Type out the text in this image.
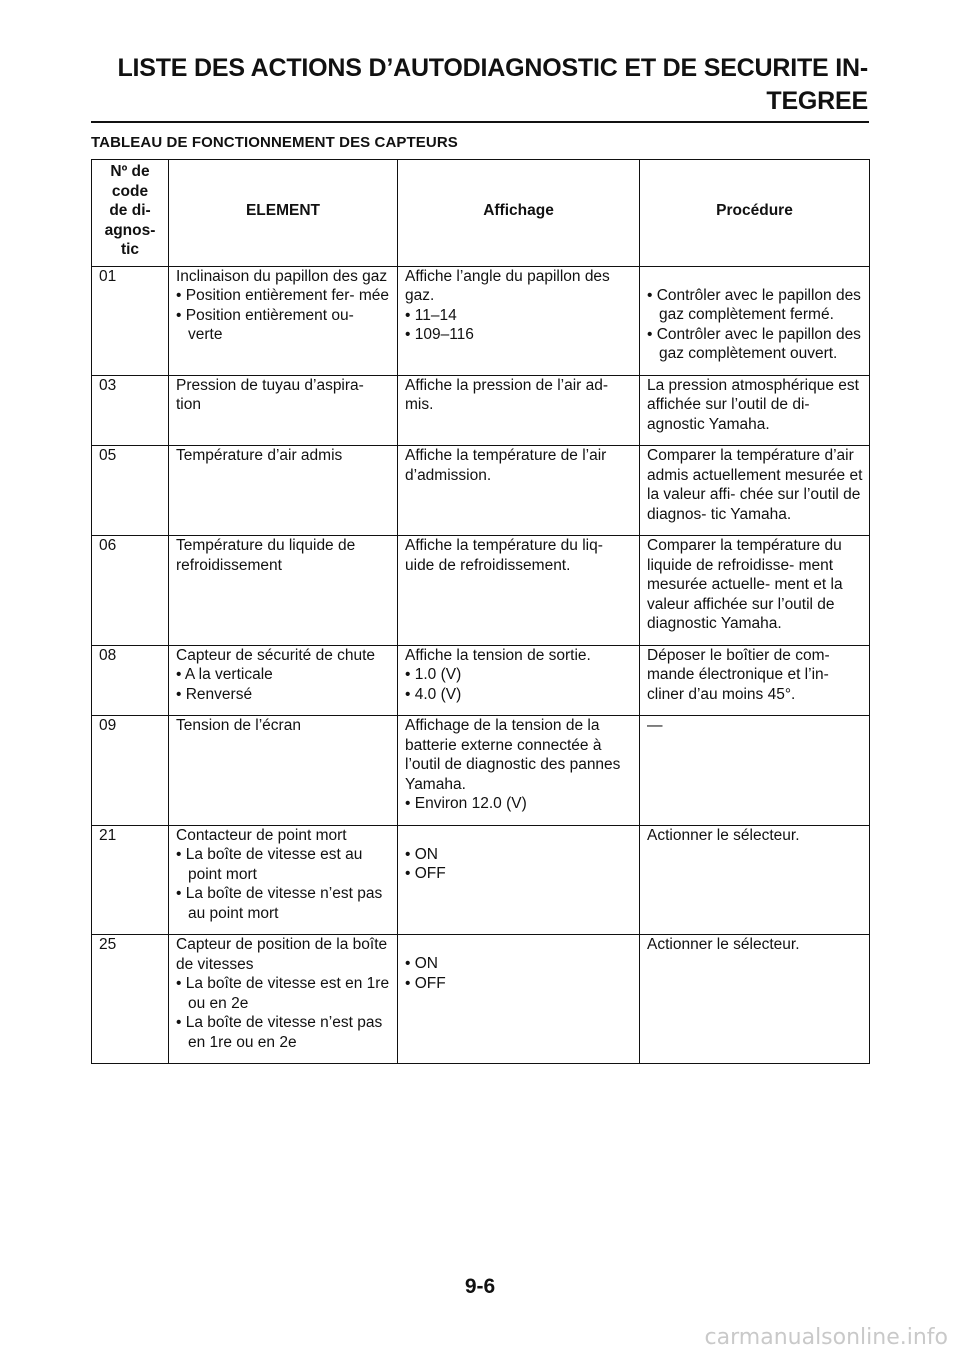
LISTE DES ACTIONS D’AUTODIAGNOSTIC ET DE SECURITE IN-
TEGREE
TABLEAU DE FONCTIONNEMENT DES CAPTEURS
Nº de
code
de di-
agnos-
tic	ELEMENT	Affichage	Procédure
01	Inclinaison du papillon des gaz
• Position entièrement fer- mée
• Position entièrement ou- verte	Affiche l’angle du papillon des gaz.
• 11–14
• 109–116	• Contrôler avec le papillon des gaz complètement fermé.
• Contrôler avec le papillon des gaz complètement ouvert.

03	Pression de tuyau d’aspira- tion	Affiche la pression de l’air ad- mis.	La pression atmosphérique est affichée sur l’outil de di- agnostic Yamaha.

05	Température d’air admis	Affiche la température de l’air d’admission.	Comparer la température d’air admis actuellement mesurée et la valeur affi- chée sur l’outil de diagnos- tic Yamaha.

06	Température du liquide de refroidissement	Affiche la température du liq- uide de refroidissement.	Comparer la température du liquide de refroidisse- ment mesurée actuelle- ment et la valeur affichée sur l’outil de diagnostic Yamaha.

08	Capteur de sécurité de chute
• A la verticale
• Renversé	Affiche la tension de sortie.
• 1.0 (V)
• 4.0 (V)	Déposer le boîtier de com- mande électronique et l’in- cliner d’au moins 45°.

09	Tension de l’écran	Affichage de la tension de la batterie externe connectée à l’outil de diagnostic des pannes Yamaha.
• Environ 12.0 (V)	—

21	Contacteur de point mort
• La boîte de vitesse est au point mort
• La boîte de vitesse n’est pas au point mort	• ON
• OFF	Actionner le sélecteur.

25	Capteur de position de la boîte de vitesses
• La boîte de vitesse est en 1re ou en 2e
• La boîte de vitesse n’est pas en 1re ou en 2e	• ON
• OFF	Actionner le sélecteur.
9-6
carmanualsonline.info
